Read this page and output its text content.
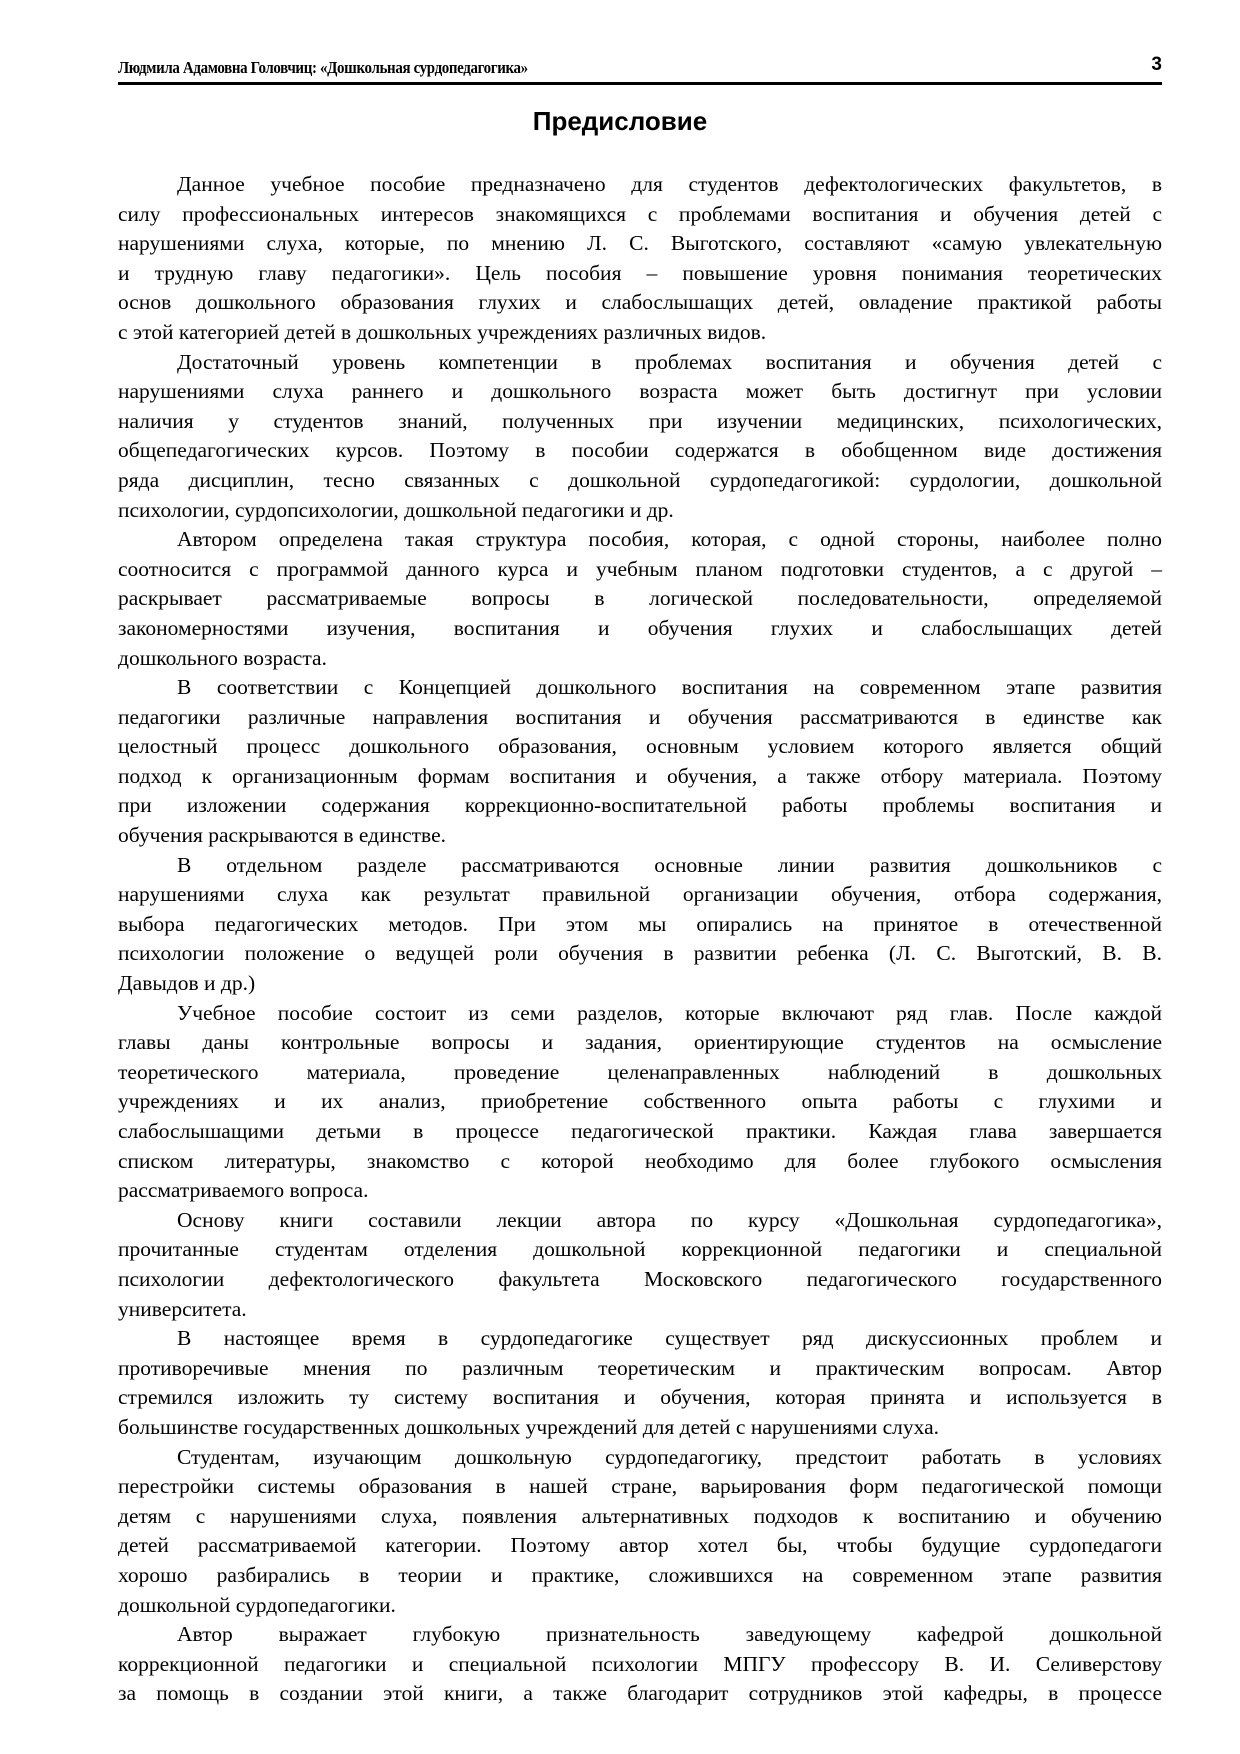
Людмила Адамовна Головчиц: «Дошкольная сурдопедагогика»	3
Предисловие
Данное учебное пособие предназначено для студентов дефектологических факультетов, в
силу профессиональных интересов знакомящихся с проблемами воспитания и обучения детей с
нарушениями слуха, которые, по мнению Л. С. Выготского, составляют «самую увлекательную
и трудную главу педагогики». Цель пособия – повышение уровня понимания теоретических
основ дошкольного образования глухих и слабослышащих детей, овладение практикой работы
с этой категорией детей в дошкольных учреждениях различных видов.
Достаточный уровень компетенции в проблемах воспитания и обучения детей с
нарушениями слуха раннего и дошкольного возраста может быть достигнут при условии
наличия у студентов знаний, полученных при изучении медицинских, психологических,
общепедагогических курсов. Поэтому в пособии содержатся в обобщенном виде достижения
ряда дисциплин, тесно связанных с дошкольной сурдопедагогикой: сурдологии, дошкольной
психологии, сурдопсихологии, дошкольной педагогики и др.
Автором определена такая структура пособия, которая, с одной стороны, наиболее полно
соотносится с программой данного курса и учебным планом подготовки студентов, а с другой –
раскрывает рассматриваемые вопросы в логической последовательности, определяемой
закономерностями изучения, воспитания и обучения глухих и слабослышащих детей
дошкольного возраста.
В соответствии с Концепцией дошкольного воспитания на современном этапе развития
педагогики различные направления воспитания и обучения рассматриваются в единстве как
целостный процесс дошкольного образования, основным условием которого является общий
подход к организационным формам воспитания и обучения, а также отбору материала. Поэтому
при изложении содержания коррекционно-воспитательной работы проблемы воспитания и
обучения раскрываются в единстве.
В отдельном разделе рассматриваются основные линии развития дошкольников с
нарушениями слуха как результат правильной организации обучения, отбора содержания,
выбора педагогических методов. При этом мы опирались на принятое в отечественной
психологии положение о ведущей роли обучения в развитии ребенка (Л. С. Выготский, В. В.
Давыдов и др.)
Учебное пособие состоит из семи разделов, которые включают ряд глав. После каждой
главы даны контрольные вопросы и задания, ориентирующие студентов на осмысление
теоретического материала, проведение целенаправленных наблюдений в дошкольных
учреждениях и их анализ, приобретение собственного опыта работы с глухими и
слабослышащими детьми в процессе педагогической практики. Каждая глава завершается
списком литературы, знакомство с которой необходимо для более глубокого осмысления
рассматриваемого вопроса.
Основу книги составили лекции автора по курсу «Дошкольная сурдопедагогика»,
прочитанные студентам отделения дошкольной коррекционной педагогики и специальной
психологии дефектологического факультета Московского педагогического государственного
университета.
В настоящее время в сурдопедагогике существует ряд дискуссионных проблем и
противоречивые мнения по различным теоретическим и практическим вопросам. Автор
стремился изложить ту систему воспитания и обучения, которая принята и используется в
большинстве государственных дошкольных учреждений для детей с нарушениями слуха.
Студентам, изучающим дошкольную сурдопедагогику, предстоит работать в условиях
перестройки системы образования в нашей стране, варьирования форм педагогической помощи
детям с нарушениями слуха, появления альтернативных подходов к воспитанию и обучению
детей рассматриваемой категории. Поэтому автор хотел бы, чтобы будущие сурдопедагоги
хорошо разбирались в теории и практике, сложившихся на современном этапе развития
дошкольной сурдопедагогики.
Автор выражает глубокую признательность заведующему кафедрой дошкольной
коррекционной педагогики и специальной психологии МПГУ профессору В. И. Селиверстову
за помощь в создании этой книги, а также благодарит сотрудников этой кафедры, в процессе
